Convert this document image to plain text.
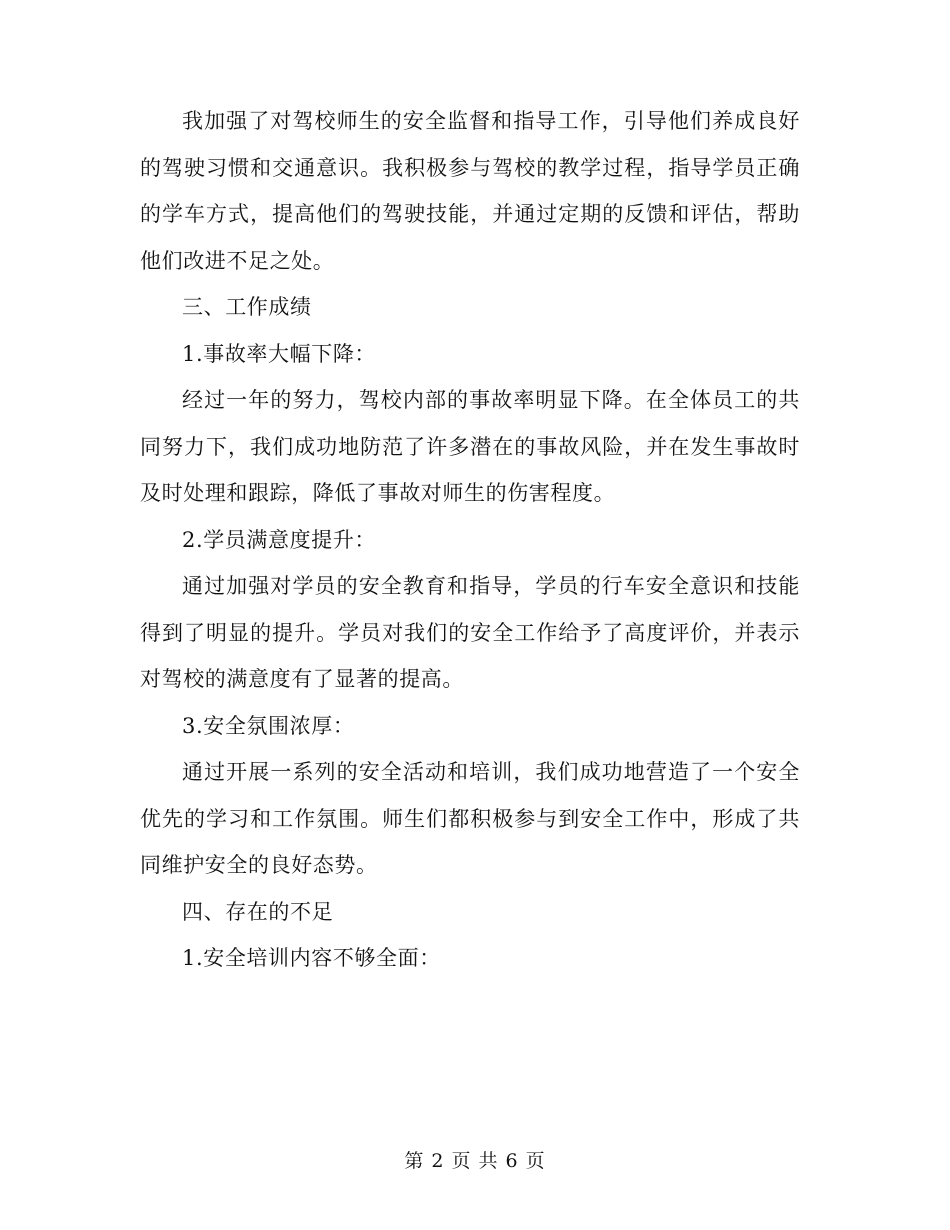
我加强了对驾校师生的安全监督和指导工作，引导他们养成良好的驾驶习惯和交通意识。我积极参与驾校的教学过程，指导学员正确的学车方式，提高他们的驾驶技能，并通过定期的反馈和评估，帮助他们改进不足之处。

三、工作成绩

1.事故率大幅下降：

经过一年的努力，驾校内部的事故率明显下降。在全体员工的共同努力下，我们成功地防范了许多潜在的事故风险，并在发生事故时及时处理和跟踪，降低了事故对师生的伤害程度。

2.学员满意度提升：

通过加强对学员的安全教育和指导，学员的行车安全意识和技能得到了明显的提升。学员对我们的安全工作给予了高度评价，并表示对驾校的满意度有了显著的提高。

3.安全氛围浓厚：

通过开展一系列的安全活动和培训，我们成功地营造了一个安全优先的学习和工作氛围。师生们都积极参与到安全工作中，形成了共同维护安全的良好态势。

四、存在的不足

1.安全培训内容不够全面：

第 2 页 共 6 页
